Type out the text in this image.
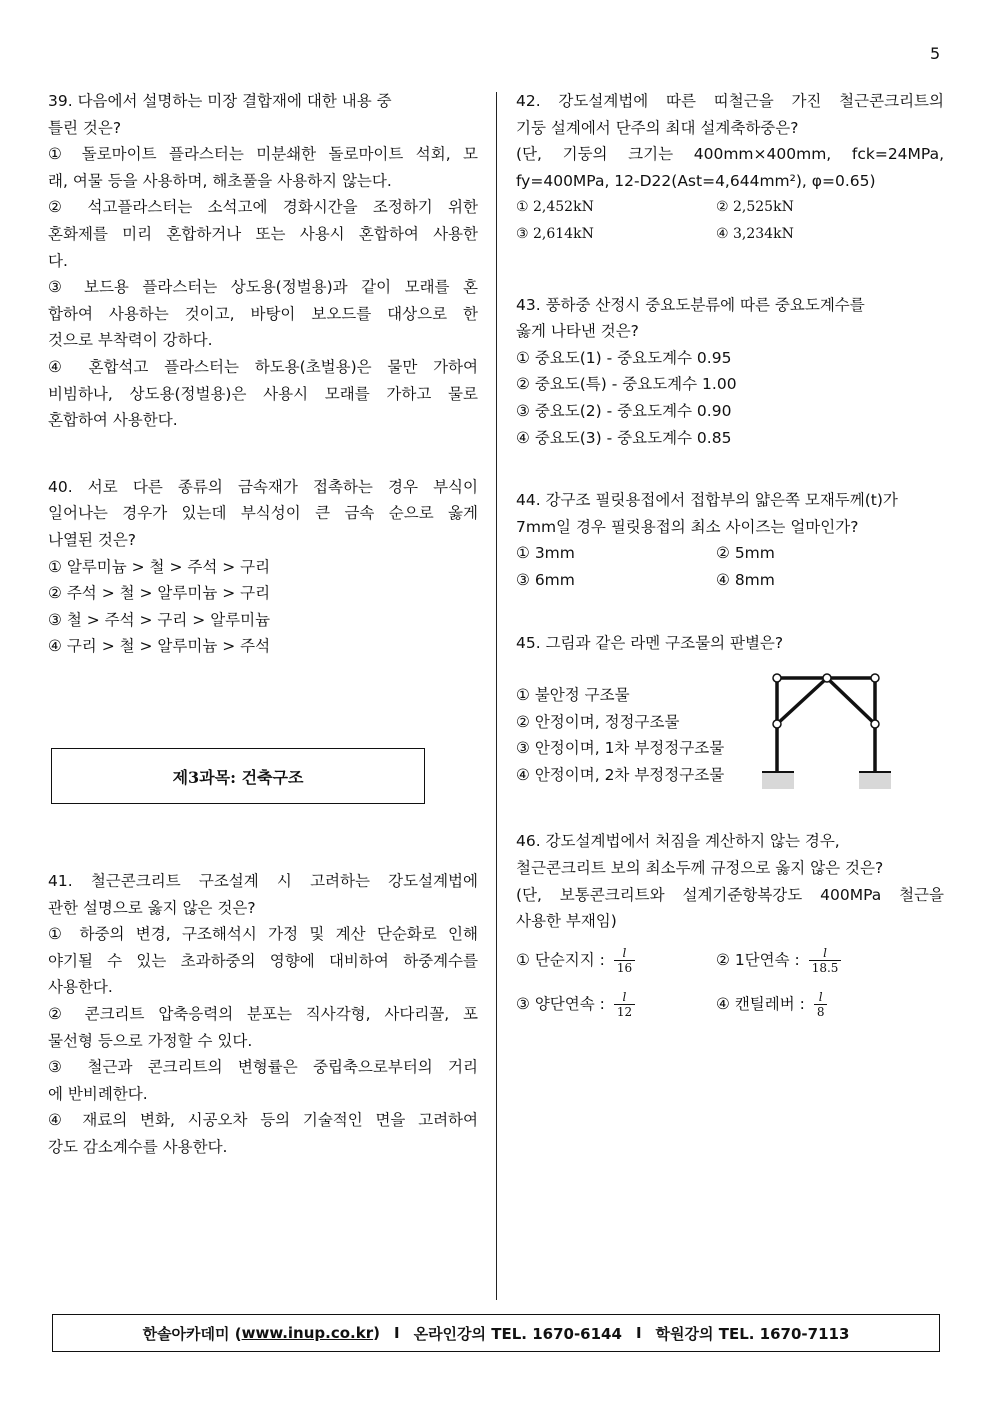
5

39. 다음에서 설명하는 미장 결합재에 대한 내용 중

틀린 것은?

① 돌로마이트 플라스터는 미분쇄한 돌로마이트 석회, 모

래, 여물 등을 사용하며, 해초풀을 사용하지 않는다.

② 석고플라스터는 소석고에 경화시간을 조정하기 위한

혼화제를 미리 혼합하거나 또는 사용시 혼합하여 사용한

다.

③ 보드용 플라스터는 상도용(정벌용)과 같이 모래를 혼

합하여 사용하는 것이고, 바탕이 보오드를 대상으로 한

것으로 부착력이 강하다.

④ 혼합석고 플라스터는 하도용(초벌용)은 물만 가하여

비빔하나, 상도용(정벌용)은 사용시 모래를 가하고 물로

혼합하여 사용한다.

40. 서로 다른 종류의 금속재가 접촉하는 경우 부식이

일어나는 경우가 있는데 부식성이 큰 금속 순으로 옳게

나열된 것은?

① 알루미늄 > 철 > 주석 > 구리

② 주석 > 철 > 알루미늄 > 구리

③ 철 > 주석 > 구리 > 알루미늄

④ 구리 > 철 > 알루미늄 > 주석

제3과목: 건축구조

41. 철근콘크리트 구조설계 시 고려하는 강도설계법에

관한 설명으로 옳지 않은 것은?

① 하중의 변경, 구조해석시 가정 및 계산 단순화로 인해

야기될 수 있는 초과하중의 영향에 대비하여 하중계수를

사용한다.

② 콘크리트 압축응력의 분포는 직사각형, 사다리꼴, 포

물선형 등으로 가정할 수 있다.

③ 철근과 콘크리트의 변형률은 중립축으로부터의 거리

에 반비례한다.

④ 재료의 변화, 시공오차 등의 기술적인 면을 고려하여

강도 감소계수를 사용한다.

42. 강도설계법에 따른 띠철근을 가진 철근콘크리트의

기둥 설계에서 단주의 최대 설계축하중은?

(단, 기둥의 크기는 400mm×400mm, fck=24MPa,

fy=400MPa, 12-D22(Ast=4,644mm²), φ=0.65)

① 2,452kN	② 2,525kN
③ 2,614kN	④ 3,234kN

43. 풍하중 산정시 중요도분류에 따른 중요도계수를

옳게 나타낸 것은?

① 중요도(1) - 중요도계수 0.95

② 중요도(특) - 중요도계수 1.00

③ 중요도(2) - 중요도계수 0.90

④ 중요도(3) - 중요도계수 0.85

44. 강구조 필릿용접에서 접합부의 얇은쪽 모재두께(t)가

7mm일 경우 필릿용접의 최소 사이즈는 얼마인가?

① 3mm	② 5mm
③ 6mm	④ 8mm

45. 그림과 같은 라멘 구조물의 판별은?

① 불안정 구조물

② 안정이며, 정정구조물

③ 안정이며, 1차 부정정구조물

④ 안정이며, 2차 부정정구조물

46. 강도설계법에서 처짐을 계산하지 않는 경우,

철근콘크리트 보의 최소두께 규정으로 옳지 않은 것은?

(단, 보통콘크리트와 설계기준항복강도 400MPa 철근을

사용한 부재임)

① 단순지지 : $\frac{l}{16}$	② 1단연속 : $\frac{l}{18.5}$
③ 양단연속 : $\frac{l}{12}$	④ 캔틸레버 : $\frac{l}{8}$
한솔아카데미 ( www.inup.co.kr ) I 온라인강의 TEL. 1670-6144 I 학원강의 TEL. 1670-7113
